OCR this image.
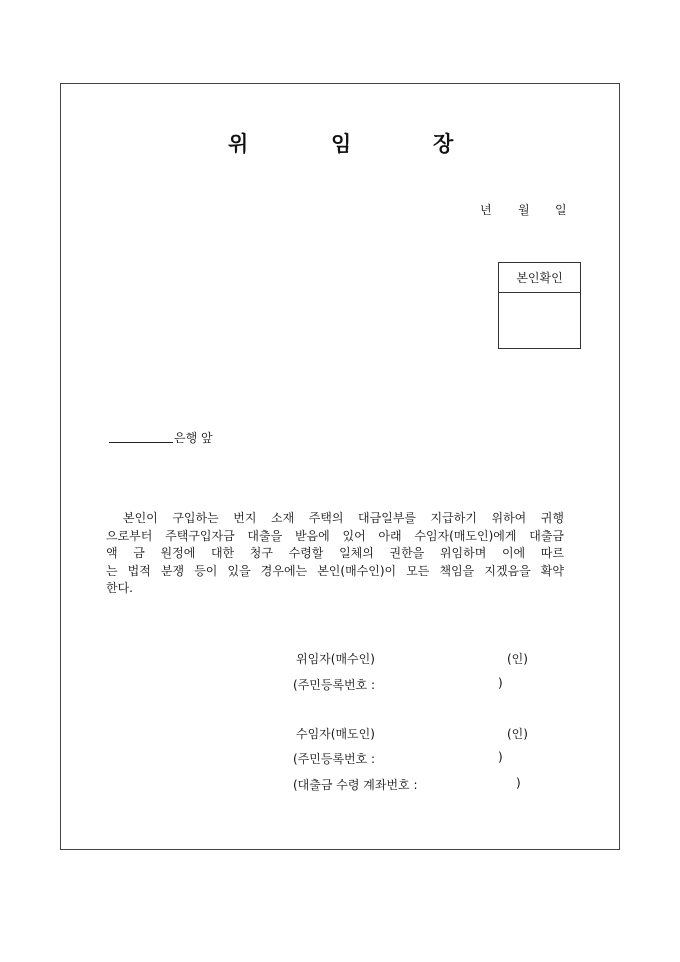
위	임	장
년 월 일
본인확인
은행 앞
본인이 구입하는 번지 소재 주택의 대금일부를 지급하기 위하여 귀행
으로부터 주택구입자금 대출을 받음에 있어 아래 수임자(매도인)에게 대출금
액 금 원정에 대한 청구 수령할 일체의 권한을 위임하며 이에 따르
는 법적 분쟁 등이 있을 경우에는 본인(매수인)이 모든 책임을 지겠음을 확약
한다.
위임자(매수인)	(인)
(주민등록번호 :	)
수임자(매도인)	(인)
(주민등록번호 :	)
(대출금 수령 계좌번호 :	)
